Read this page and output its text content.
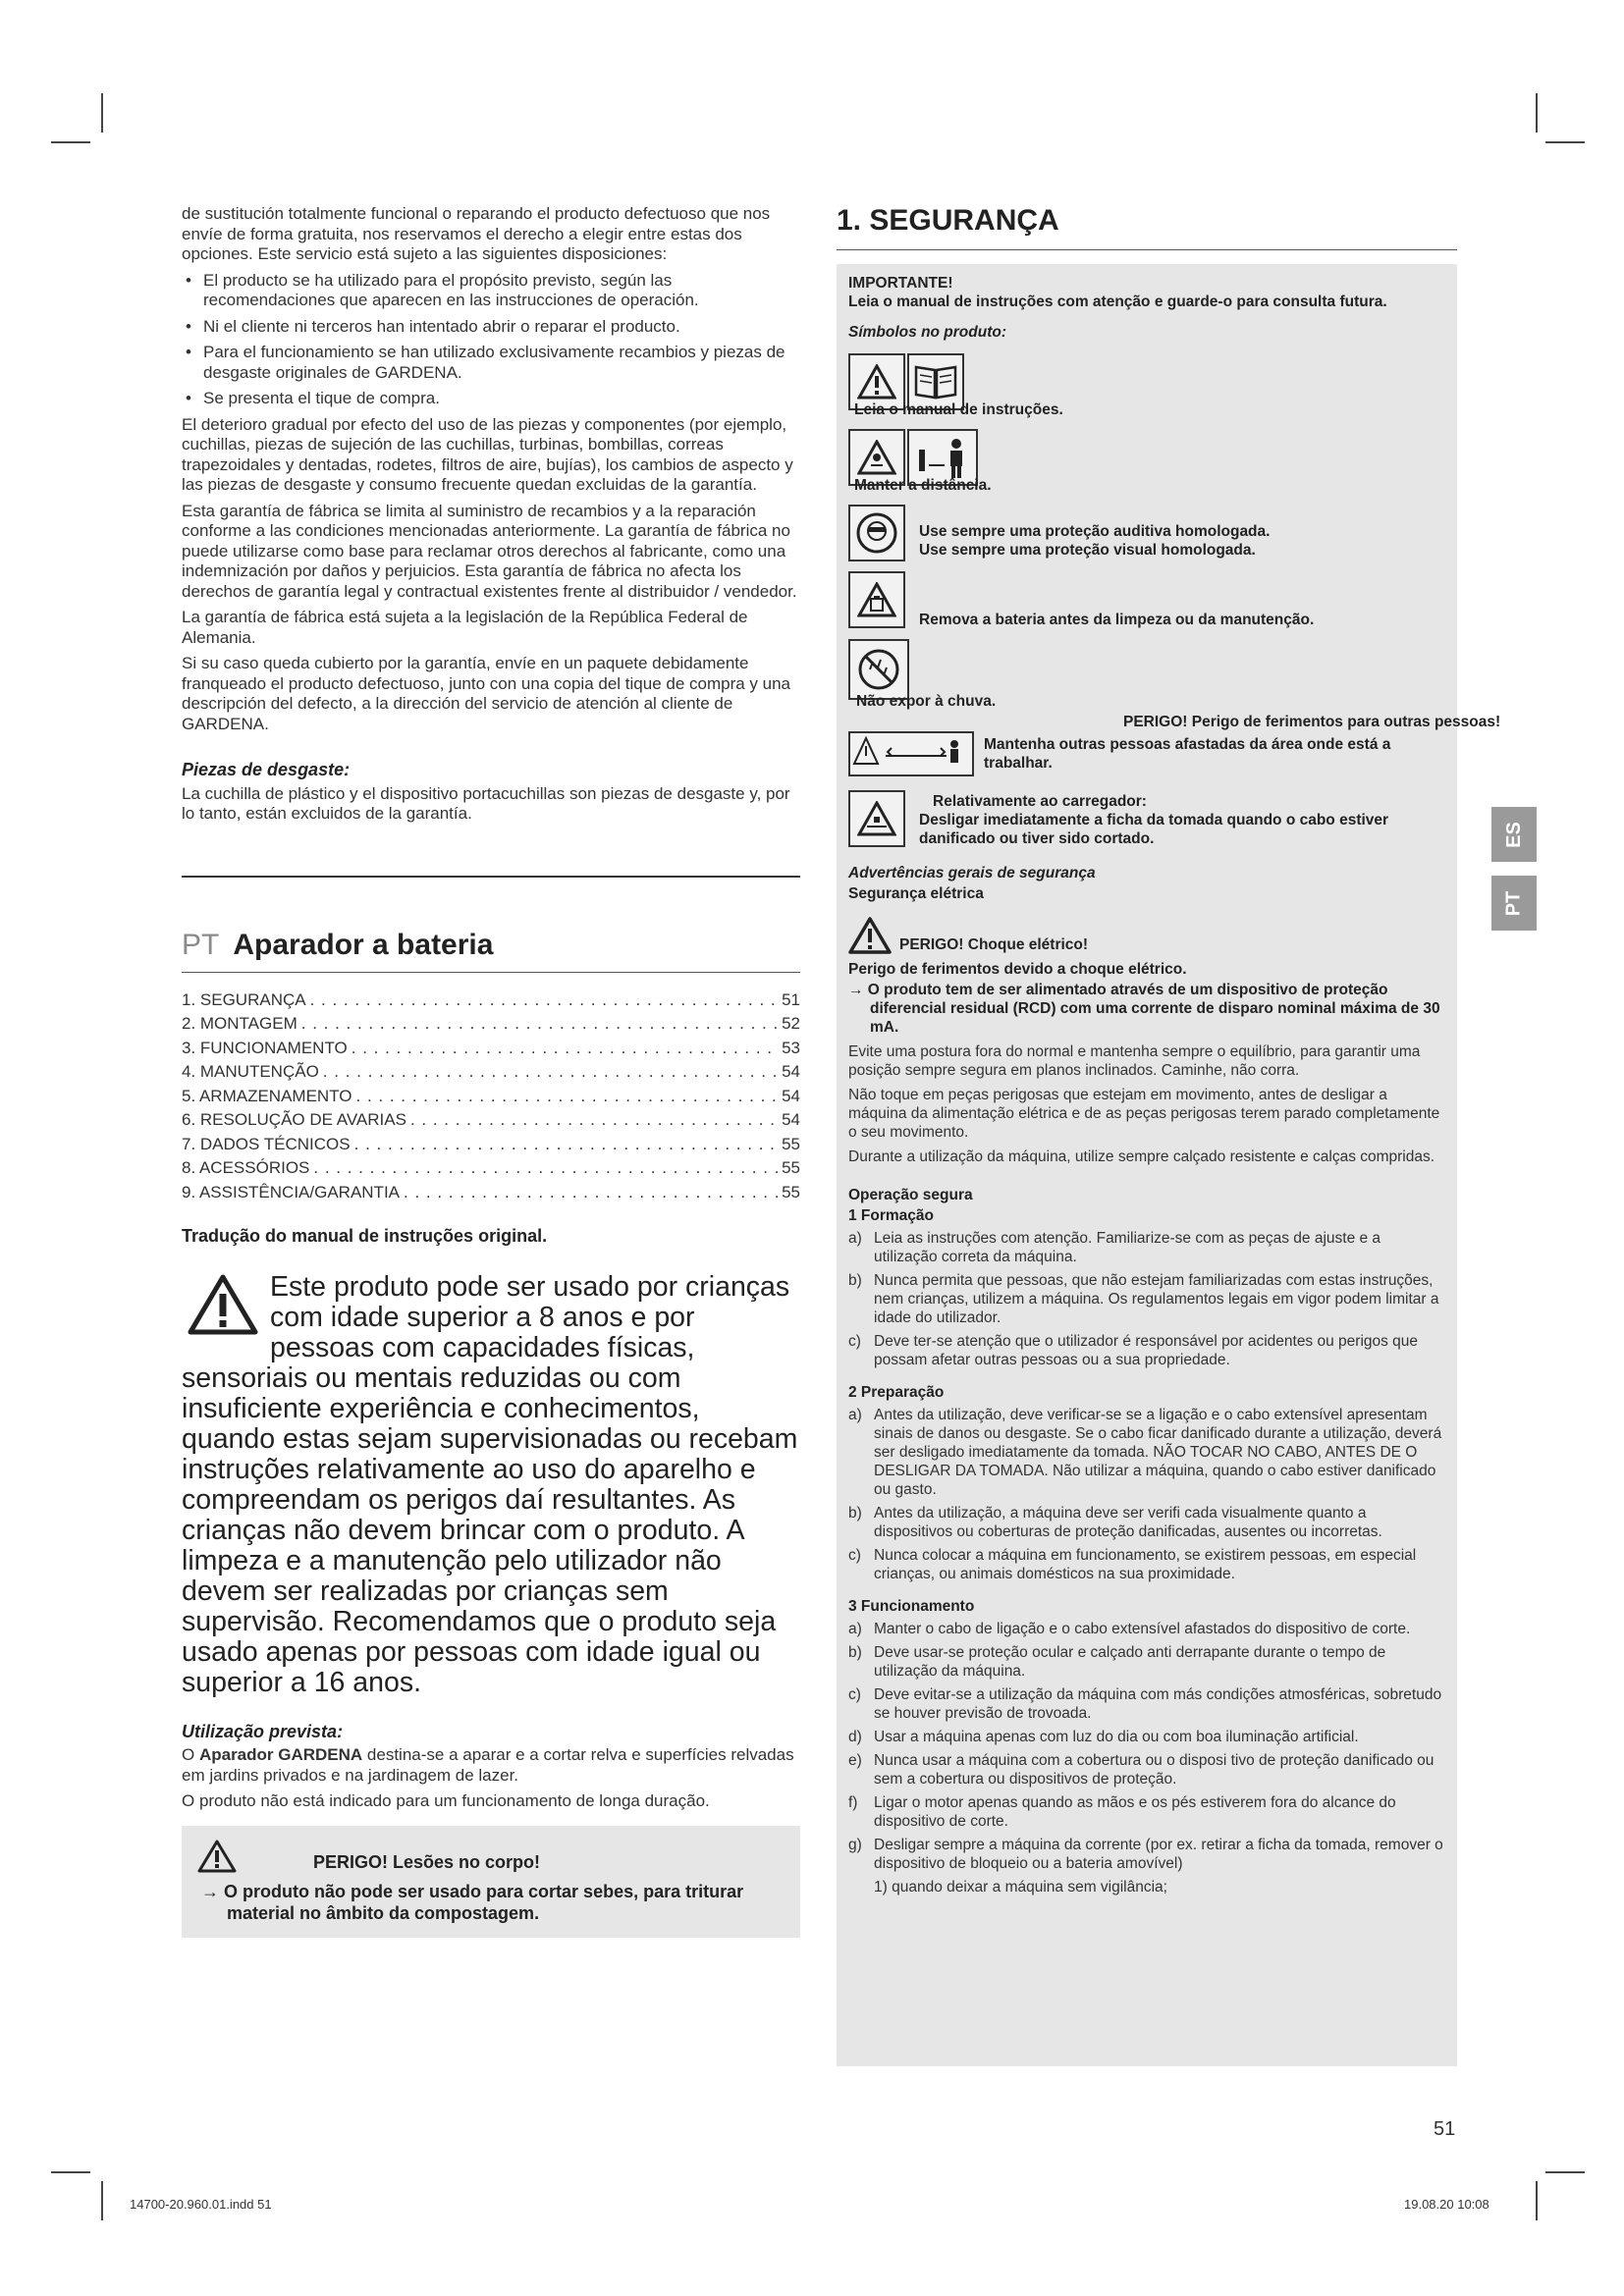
de sustitución totalmente funcional o reparando el producto defectuoso que nos envíe de forma gratuita, nos reservamos el derecho a elegir entre estas dos opciones. Este servicio está sujeto a las siguientes disposiciones:

• El producto se ha utilizado para el propósito previsto, según las recomendaciones que aparecen en las instrucciones de operación.
• Ni el cliente ni terceros han intentado abrir o reparar el producto.
• Para el funcionamiento se han utilizado exclusivamente recambios y piezas de desgaste originales de GARDENA.
• Se presenta el tique de compra.

El deterioro gradual por efecto del uso de las piezas y componentes (por ejemplo, cuchillas, piezas de sujeción de las cuchillas, turbinas, bombillas, correas trapezoidales y dentadas, rodetes, filtros de aire, bujías), los cambios de aspecto y las piezas de desgaste y consumo frecuente quedan excluidas de la garantía.

Esta garantía de fábrica se limita al suministro de recambios y a la reparación conforme a las condiciones mencionadas anteriormente. La garantía de fábrica no puede utilizarse como base para reclamar otros derechos al fabricante, como una indemnización por daños y perjuicios. Esta garantía de fábrica no afecta los derechos de garantía legal y contractual existentes frente al distribuidor / vendedor.

La garantía de fábrica está sujeta a la legislación de la República Federal de Alemania.

Si su caso queda cubierto por la garantía, envíe en un paquete debidamente franqueado el producto defectuoso, junto con una copia del tique de compra y una descripción del defecto, a la dirección del servicio de atención al cliente de GARDENA.

Piezas de desgaste:

La cuchilla de plástico y el dispositivo portacuchillas son piezas de desgaste y, por lo tanto, están excluidos de la garantía.

PT Aparador a bateria
1. SEGURANÇA . . .	51
2. MONTAGEM . . .	52
3. FUNCIONAMENTO . . .	53
4. MANUTENÇÃO . . .	54
5. ARMAZENAMENTO . . .	54
6. RESOLUÇÃO DE AVARIAS . . .	54
7. DADOS TÉCNICOS . . .	55
8. ACESSÓRIOS . . .	55
9. ASSISTÊNCIA/GARANTIA . . .	55

Tradução do manual de instruções original.

Este produto pode ser usado por crianças com idade superior a 8 anos e por pessoas com capacidades físicas, sensoriais ou mentais reduzidas ou com insuficiente experiência e conhecimentos, quando estas sejam supervisionadas ou recebam instruções relativamente ao uso do aparelho e compreendam os perigos daí resultantes. As crianças não devem brincar com o produto. A limpeza e a manutenção pelo utilizador não devem ser realizadas por crianças sem supervisão. Recomendamos que o produto seja usado apenas por pessoas com idade igual ou superior a 16 anos.

Utilização prevista:

O Aparador GARDENA destina-se a aparar e a cortar relva e superfícies relvadas em jardins privados e na jardinagem de lazer.

O produto não está indicado para um funcionamento de longa duração.

PERIGO! Lesões no corpo!

→ O produto não pode ser usado para cortar sebes, para triturar material no âmbito da compostagem.

1. SEGURANÇA

IMPORTANTE!

Leia o manual de instruções com atenção e guarde-o para consulta futura.

Símbolos no produto:

Leia o manual de instruções.

Manter a distância.

Use sempre uma proteção auditiva homologada.

Use sempre uma proteção visual homologada.

Remova a bateria antes da limpeza ou da manutenção.

Não expor à chuva.

PERIGO! Perigo de ferimentos para outras pessoas!

Mantenha outras pessoas afastadas da área onde está a trabalhar.

Relativamente ao carregador:

Desligar imediatamente a ficha da tomada quando o cabo estiver danificado ou tiver sido cortado.

Advertências gerais de segurança

Segurança elétrica

PERIGO! Choque elétrico!

Perigo de ferimentos devido a choque elétrico.

→ O produto tem de ser alimentado através de um dispositivo de proteção diferencial residual (RCD) com uma corrente de disparo nominal máxima de 30 mA.

Evite uma postura fora do normal e mantenha sempre o equilíbrio, para garantir uma posição sempre segura em planos inclinados. Caminhe, não corra.

Não toque em peças perigosas que estejam em movimento, antes de desligar a máquina da alimentação elétrica e de as peças perigosas terem parado completamente o seu movimento.

Durante a utilização da máquina, utilize sempre calçado resistente e calças compridas.

Operação segura

1 Formação

a) Leia as instruções com atenção. Familiarize-se com as peças de ajuste e a utilização correta da máquina.
b) Nunca permita que pessoas, que não estejam familiarizadas com estas instruções, nem crianças, utilizem a máquina. Os regulamentos legais em vigor podem limitar a idade do utilizador.
c) Deve ter-se atenção que o utilizador é responsável por acidentes ou perigos que possam afetar outras pessoas ou a sua propriedade.

2 Preparação

a) Antes da utilização, deve verificar-se se a ligação e o cabo extensível apresentam sinais de danos ou desgaste. Se o cabo ficar danificado durante a utilização, deverá ser desligado imediatamente da tomada. NÃO TOCAR NO CABO, ANTES DE O DESLIGAR DA TOMADA. Não utilizar a máquina, quando o cabo estiver danificado ou gasto.
b) Antes da utilização, a máquina deve ser verifi cada visualmente quanto a dispositivos ou coberturas de proteção danificadas, ausentes ou incorretas.
c) Nunca colocar a máquina em funcionamento, se existirem pessoas, em especial crianças, ou animais domésticos na sua proximidade.

3 Funcionamento

a) Manter o cabo de ligação e o cabo extensível afastados do dispositivo de corte.
b) Deve usar-se proteção ocular e calçado anti derrapante durante o tempo de utilização da máquina.
c) Deve evitar-se a utilização da máquina com más condições atmosféricas, sobretudo se houver previsão de trovoada.
d) Usar a máquina apenas com luz do dia ou com boa iluminação artificial.
e) Nunca usar a máquina com a cobertura ou o disposi tivo de proteção danificado ou sem a cobertura ou dispositivos de proteção.
f)	Ligar o motor apenas quando as mãos e os pés estiverem fora do alcance do dispositivo de corte.
g) Desligar sempre a máquina da corrente (por ex. retirar a ficha da tomada, remover o dispositivo de bloqueio ou a bateria amovível)

1) quando deixar a máquina sem vigilância;

ES
PT
51
14700-20.960.01.indd 51	19.08.20 10:08
